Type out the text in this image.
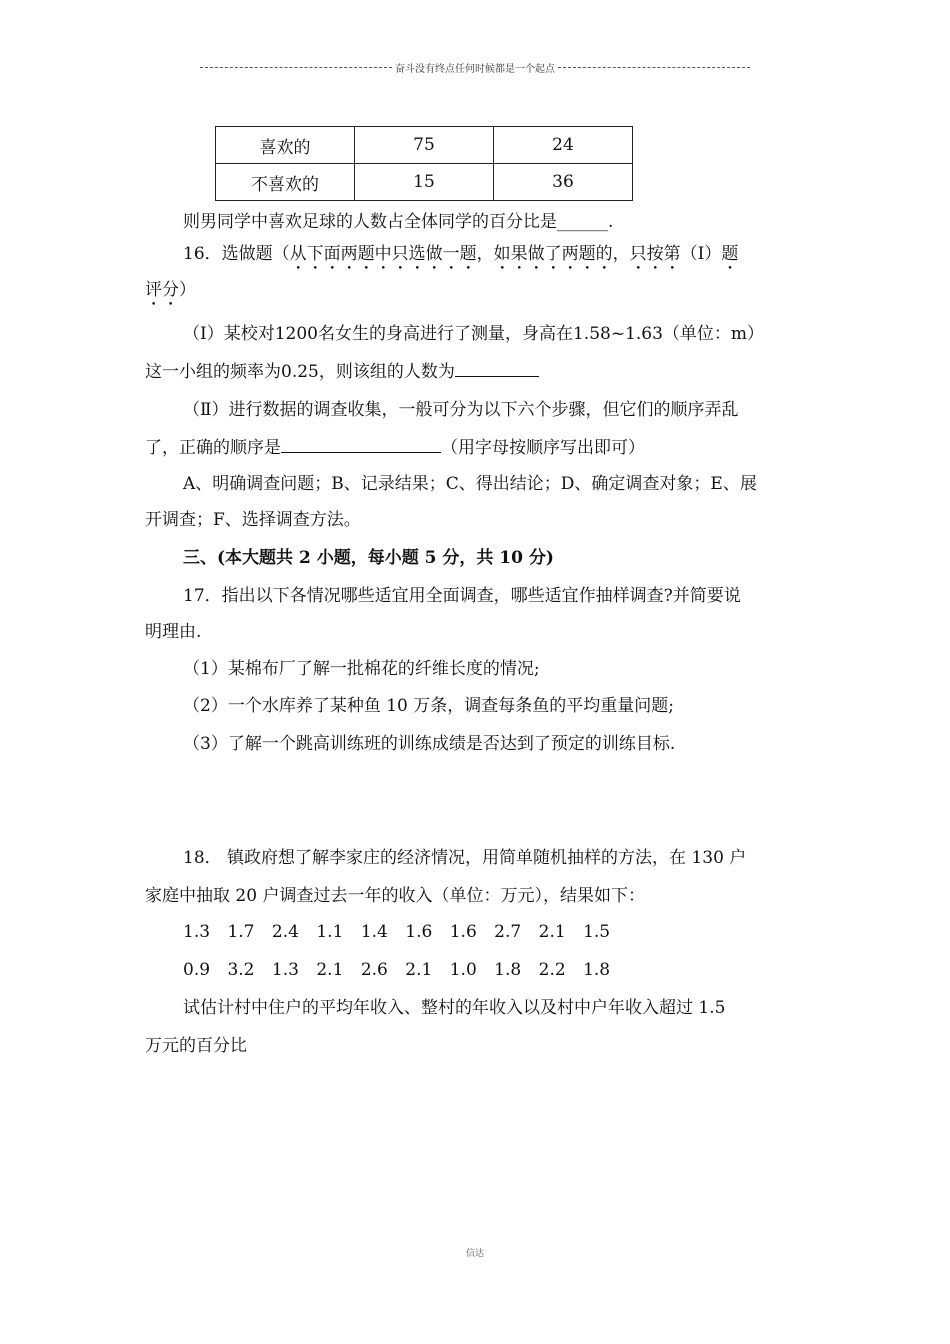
奋斗没有终点任何时候都是一个起点
喜欢的	75	24
不喜欢的	15	36
则男同学中喜欢足球的人数占全体同学的百分比是______.
16．选做题（从下面两题中只选做一题，如果做了两题的，只按第（Ⅰ）题
评分）
（Ⅰ）某校对1200名女生的身高进行了测量，身高在1.58~1.63（单位：m）
这一小组的频率为0.25，则该组的人数为
（Ⅱ）进行数据的调查收集，一般可分为以下六个步骤，但它们的顺序弄乱
了，正确的顺序是	（用字母按顺序写出即可）
A、明确调查问题；B、记录结果；C、得出结论；D、确定调查对象；E、展
开调查；F、选择调查方法。
三、(本大题共 2 小题，每小题 5 分，共 10 分)
17．指出以下各情况哪些适宜用全面调查，哪些适宜作抽样调查?并简要说
明理由.
（1）某棉布厂了解一批棉花的纤维长度的情况;
（2）一个水库养了某种鱼 10 万条，调查每条鱼的平均重量问题;
（3）了解一个跳高训练班的训练成绩是否达到了预定的训练目标.
18． 镇政府想了解李家庄的经济情况，用简单随机抽样的方法，在 130 户
家庭中抽取 20 户调查过去一年的收入（单位：万元），结果如下：
1.3 1.7 2.4 1.1 1.4 1.6 1.6 2.7 2.1 1.5
0.9 3.2 1.3 2.1 2.6 2.1 1.0 1.8 2.2 1.8
试估计村中住户的平均年收入、整村的年收入以及村中户年收入超过 1.5
万元的百分比
信达
